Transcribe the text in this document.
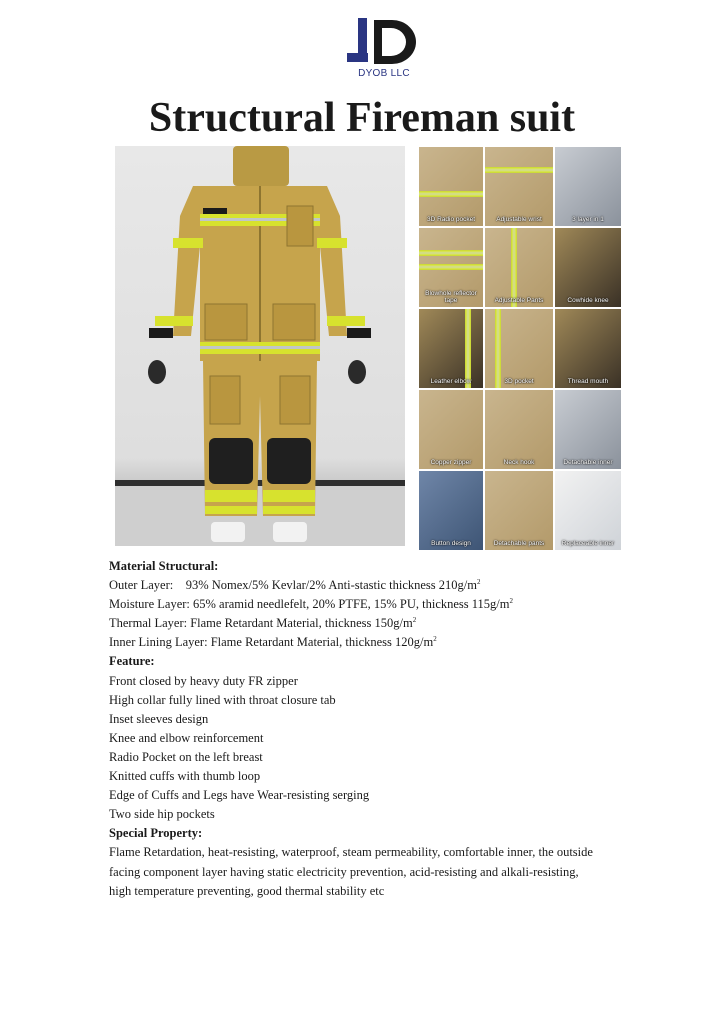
DYOB LLC
Structural Fireman suit
3D Radio pocket	Adjustable wrist	3 layer in 1
Blowhole reflector tape	Adjustable Pants	Cowhide knee
Leather elbow	3D pocket	Thread mouth
Copper zipper	Neck hook	Detachable inner
Button design	Detachable pants	Replaceable inner

Material Structural:

Outer Layer: 93% Nomex/5% Kevlar/2% Anti-stastic thickness $210g/m^2$

Moisture Layer: 65% aramid needlefelt, 20% PTFE, 15% PU, thickness $115g/m^2$

Thermal Layer: Flame Retardant Material, thickness $150g/m^2$

Inner Lining Layer: Flame Retardant Material, thickness $120g/m^2$

Feature:

Front closed by heavy duty FR zipper

High collar fully lined with throat closure tab

Inset sleeves design

Knee and elbow reinforcement

Radio Pocket on the left breast

Knitted cuffs with thumb loop

Edge of Cuffs and Legs have Wear-resisting serging

Two side hip pockets

Special Property:

Flame Retardation, heat-resisting, waterproof, steam permeability, comfortable inner, the outside

facing component layer having static electricity prevention, acid-resisting and alkali-resisting,

high temperature preventing, good thermal stability etc
